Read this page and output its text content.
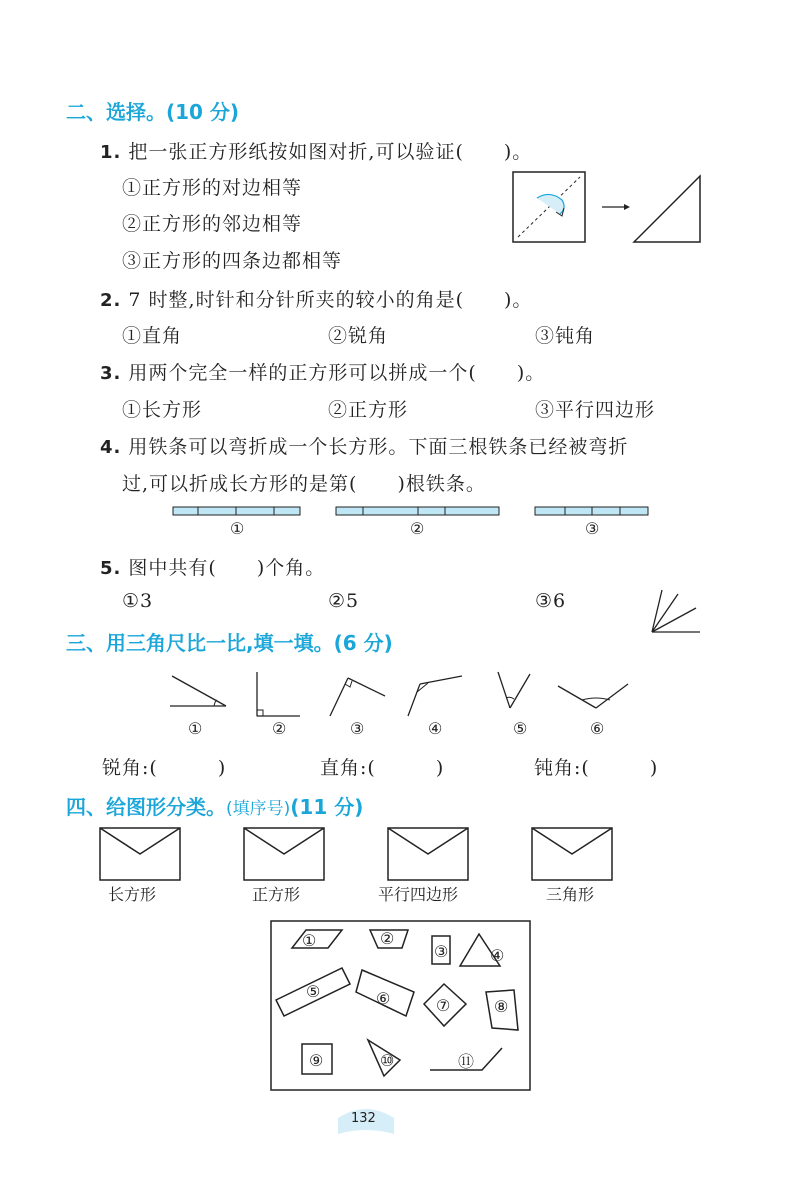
二、选择。(10 分)
1. 把一张正方形纸按如图对折,可以验证(　　)。
①正方形的对边相等
②正方形的邻边相等
③正方形的四条边都相等
2. 7 时整,时针和分针所夹的较小的角是(　　)。
①直角	②锐角	③钝角
3. 用两个完全一样的正方形可以拼成一个(　　)。
①长方形	②正方形	③平行四边形
4. 用铁条可以弯折成一个长方形。下面三根铁条已经被弯折
过,可以折成长方形的是第(　　)根铁条。
①	②	③
5. 图中共有(　　)个角。
①3	②5	③6
三、用三角尺比一比,填一填。(6 分)
①	②	③	④	⑤	⑥
锐角:(　　　)	直角:(　　　)	钝角:(　　　)
四、给图形分类。(填序号)(11 分)
长方形	正方形	平行四边形	三角形
①	②
③	④
⑤	⑥	⑦	⑧
⑨	⑩	⑪
132
